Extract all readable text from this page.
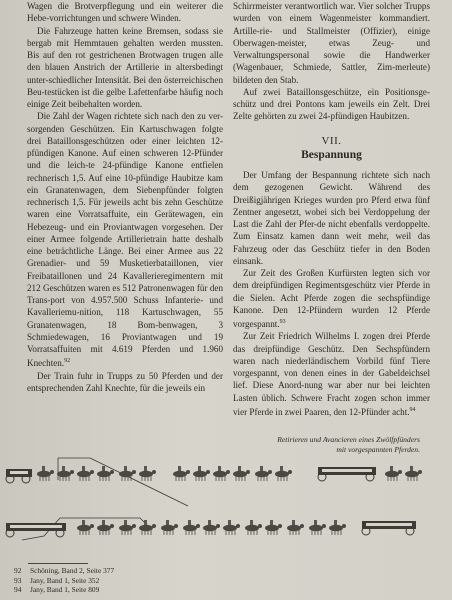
Wagen die Brotverpflegung und ein weiterer die Hebe-vorrichtungen und schwere Winden.

Die Fahrzeuge hatten keine Bremsen, sodass sie bergab mit Hemmtauen gehalten werden mussten. Bis auf den rot gestrichenen Brotwagen trugen alle den blauen Anstrich der Artillerie in altersbedingt unter-schiedlicher Intensität. Bei den österreichischen Beu-testücken ist die gelbe Lafettenfarbe häufig noch einige Zeit beibehalten worden.

Die Zahl der Wagen richtete sich nach den zu ver-sorgenden Geschützen. Ein Kartuschwagen folgte drei Bataillonsgeschützen oder einer leichten 12-pfündigen Kanone. Auf einen schweren 12-Pfünder und die leich-te 24-pfündige Kanone entfielen rechnerisch 1,5. Auf eine 10-pfündige Haubitze kam ein Granatenwagen, dem Siebenpfünder folgten rechnerisch 1,5. Für jeweils acht bis zehn Geschütze waren eine Vorratsaffuite, ein Gerätewagen, ein Hebezeug- und ein Proviantwagen vorgesehen. Der einer Armee folgende Artillerietrain hatte deshalb eine beträchtliche Länge. Bei einer Armee aus 22 Grenadier- und 59 Musketierbataillonen, vier Freibataillonen und 24 Kavallerieregimentern mit 212 Geschützen waren es 512 Patronenwagen für den Trans-port von 4.957.500 Schuss Infanterie- und Kavalleriemu-nition, 118 Kartuschwagen, 55 Granatenwagen, 18 Bom-benwagen, 3 Schmiedewagen, 16 Proviantwagen und 19 Vorratsaffuiten mit 4.619 Pferden und 1.960 Knechten.$^{92}$

Der Train fuhr in Trupps zu 50 Pferden und der entsprechenden Zahl Knechte, für die jeweils ein

Schirrmeister verantwortlich war. Vier solcher Trupps wurden von einem Wagenmeister kommandiert. Artille-rie- und Stallmeister (Offizier), einige Oberwagen-meister, etwas Zeug- und Verwaltungspersonal sowie die Handwerker (Wagenbauer, Schmiede, Sattler, Zim-merleute) bildeten den Stab.

Auf zwei Bataillonsgeschütze, ein Positionsge-schütz und drei Pontons kam jeweils ein Zelt. Drei Zelte gehörten zu zwei 24-pfündigen Haubitzen.

VII.
Bespannung

Der Umfang der Bespannung richtete sich nach dem gezogenen Gewicht. Während des Dreißigjährigen Krieges wurden pro Pferd etwa fünf Zentner angesetzt, wobei sich bei Verdoppelung der Last die Zahl der Pfer-de nicht ebenfalls verdoppelte. Zum Einsatz kamen dann weit mehr, weil das Fahrzeug oder das Geschütz tiefer in den Boden einsank.

Zur Zeit des Großen Kurfürsten legten sich vor dem dreipfündigen Regimentsgeschütz vier Pferde in die Sielen. Acht Pferde zogen die sechspfündige Kanone. Den 12-Pfündern wurden 12 Pferde vorgespannt.$^{93}$

Zur Zeit Friedrich Wilhelms I. zogen drei Pferde das dreipfündige Geschütz. Den Sechspfündern waren nach niederländischem Vorbild fünf Tiere vorgespannt, von denen eines in der Gabeldeichsel lief. Diese Anord-nung war aber nur bei leichten Lasten üblich. Schwere Fracht zogen schon immer vier Pferde in zwei Paaren, den 12-Pfünder acht.$^{94}$

Retirieren und Avancieren eines Zwölfpfünders
mit vorgespannten Pferden.
92	Schöning, Band 2, Seite 377
93	Jany, Band 1, Seite 352
94	Jany, Band 1, Seite 809
